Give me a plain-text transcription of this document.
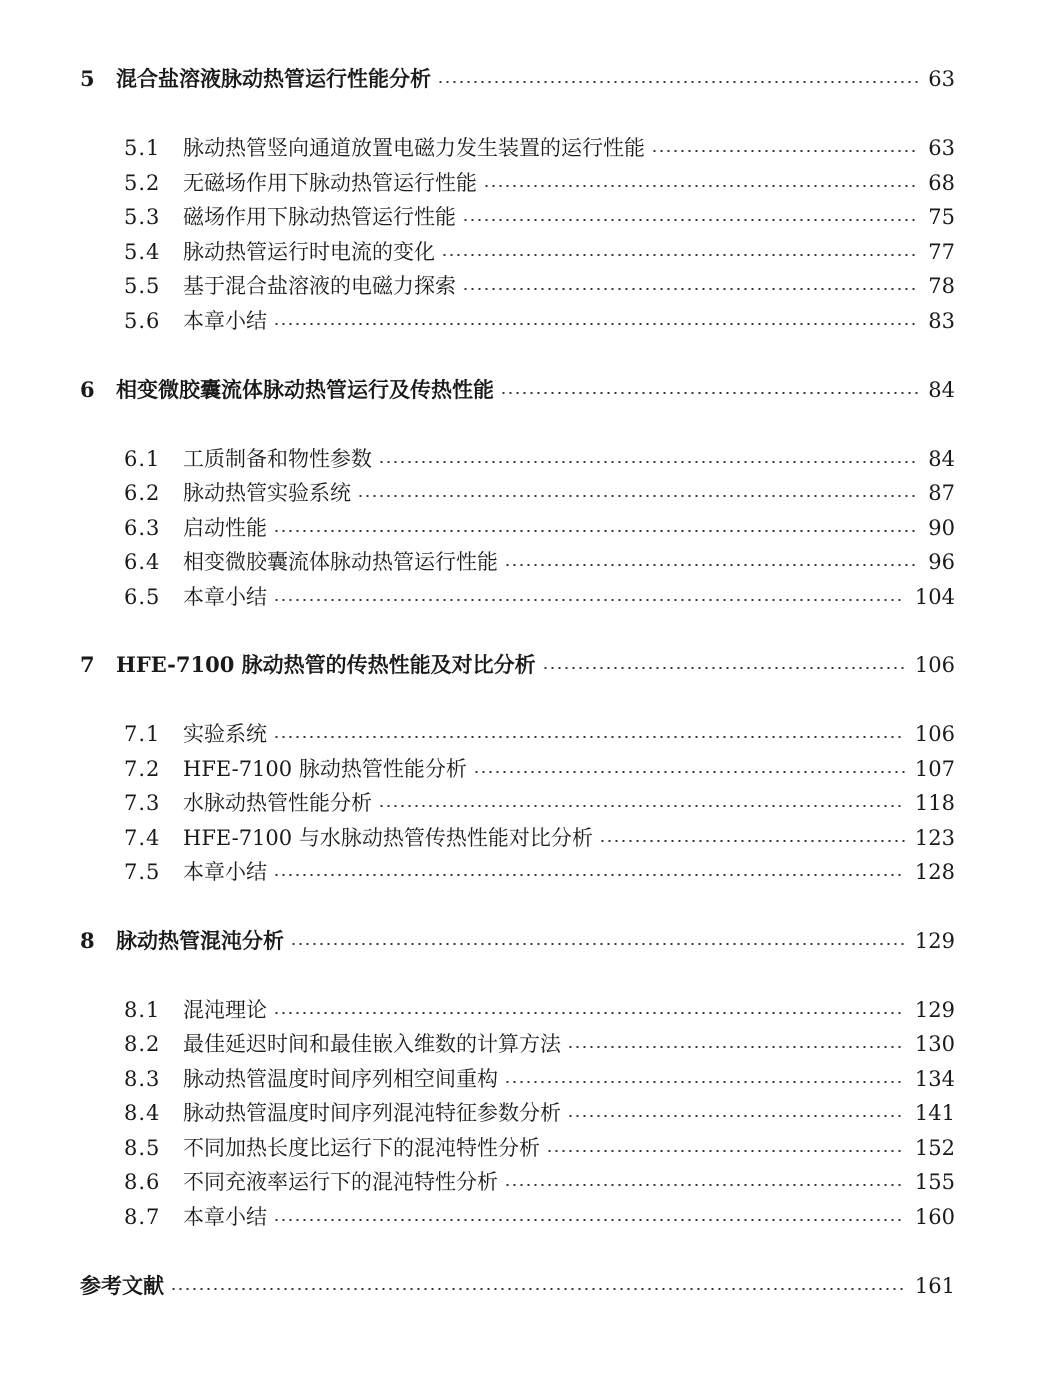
5	混合盐溶液脉动热管运行性能分析	63
5.1	脉动热管竖向通道放置电磁力发生装置的运行性能	63
5.2	无磁场作用下脉动热管运行性能	68
5.3	磁场作用下脉动热管运行性能	75
5.4	脉动热管运行时电流的变化	77
5.5	基于混合盐溶液的电磁力探索	78
5.6	本章小结	83
6	相变微胶囊流体脉动热管运行及传热性能	84
6.1	工质制备和物性参数	84
6.2	脉动热管实验系统	87
6.3	启动性能	90
6.4	相变微胶囊流体脉动热管运行性能	96
6.5	本章小结	104
7	HFE-7100 脉动热管的传热性能及对比分析	106
7.1	实验系统	106
7.2	HFE-7100 脉动热管性能分析	107
7.3	水脉动热管性能分析	118
7.4	HFE-7100 与水脉动热管传热性能对比分析	123
7.5	本章小结	128
8	脉动热管混沌分析	129
8.1	混沌理论	129
8.2	最佳延迟时间和最佳嵌入维数的计算方法	130
8.3	脉动热管温度时间序列相空间重构	134
8.4	脉动热管温度时间序列混沌特征参数分析	141
8.5	不同加热长度比运行下的混沌特性分析	152
8.6	不同充液率运行下的混沌特性分析	155
8.7	本章小结	160
参考文献	161
